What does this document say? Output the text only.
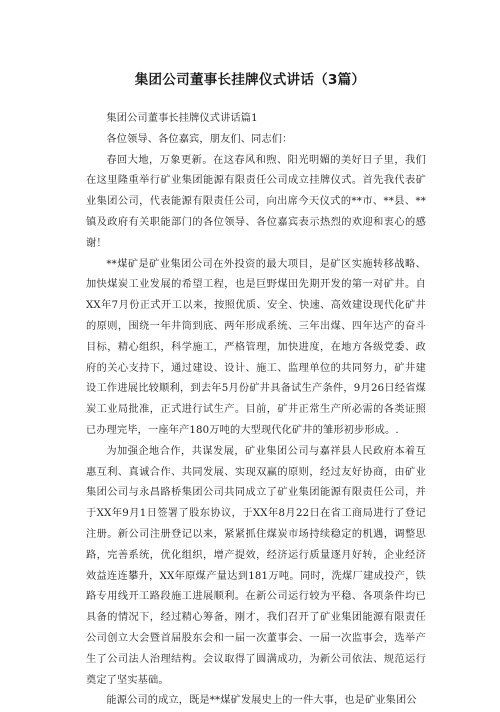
集团公司董事长挂牌仪式讲话（3篇）

集团公司董事长挂牌仪式讲话篇1

各位领导、各位嘉宾，朋友们、同志们：

春回大地，万象更新。在这春风和煦、阳光明媚的美好日子里，我们在这里隆重举行矿业集团能源有限责任公司成立挂牌仪式。首先我代表矿业集团公司，代表能源有限责任公司，向出席今天仪式的**市、**县、**镇及政府有关职能部门的各位领导、各位嘉宾表示热烈的欢迎和衷心的感谢！

**煤矿是矿业集团公司在外投资的最大项目，是矿区实施转移战略、加快煤炭工业发展的希望工程，也是巨野煤田先期开发的第一对矿井。自XX年7月份正式开工以来，按照优质、安全、快速、高效建设现代化矿井的原则，围绕一年井筒到底、两年形成系统、三年出煤、四年达产的奋斗目标，精心组织，科学施工，严格管理，加快进度，在地方各级党委、政府的关心支持下，通过建设、设计、施工、监理单位的共同努力，矿井建设工作进展比较顺利，到去年5月份矿井具备试生产条件，9月26日经省煤炭工业局批准，正式进行试生产。目前，矿井正常生产所必需的各类证照已办理完毕，一座年产180万吨的大型现代化矿井的雏形初步形成。.

为加强企地合作，共谋发展，矿业集团公司与嘉祥县人民政府本着互惠互利、真诚合作、共同发展、实现双赢的原则，经过友好协商，由矿业集团公司与永昌路桥集团公司共同成立了矿业集团能源有限责任公司，并于XX年9月1日签署了股东协议，于XX年8月22日在省工商局进行了登记注册。新公司注册登记以来，紧紧抓住煤炭市场持续稳定的机遇，调整思路，完善系统，优化组织，增产提效，经济运行质量逐月好转，企业经济效益连连攀升，XX年原煤产量达到181万吨。同时，洗煤厂建成投产，铁路专用线开工路段施工进展顺利。在新公司运行较为平稳、各项条件均已具备的情况下，经过精心筹备，刚才，我们召开了矿业集团能源有限责任公司创立大会暨首届股东会和一届一次董事会、一届一次监事会，选举产生了公司法人治理结构。会议取得了圆满成功，为新公司依法、规范运行奠定了坚实基础。

能源公司的成立，既是**煤矿发展史上的一件大事，也是矿业集团公
